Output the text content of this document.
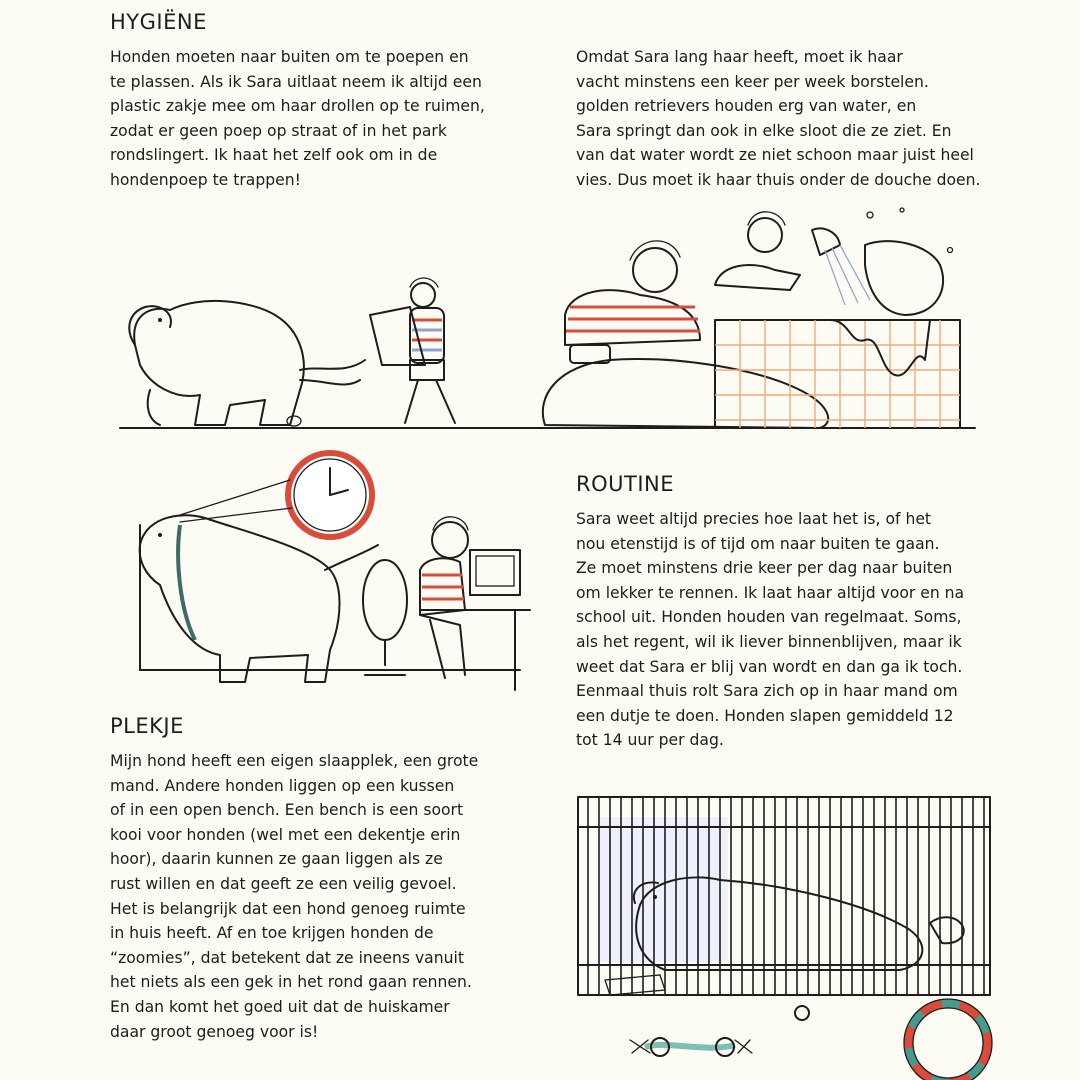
HYGIËNE

Honden moeten naar buiten om te poepen en
te plassen. Als ik Sara uitlaat neem ik altijd een
plastic zakje mee om haar drollen op te ruimen,
zodat er geen poep op straat of in het park
rondslingert. Ik haat het zelf ook om in de
hondenpoep te trappen!

Omdat Sara lang haar heeft, moet ik haar
vacht minstens een keer per week borstelen.
golden retrievers houden erg van water, en
Sara springt dan ook in elke sloot die ze ziet. En
van dat water wordt ze niet schoon maar juist heel
vies. Dus moet ik haar thuis onder de douche doen.

ROUTINE

Sara weet altijd precies hoe laat het is, of het
nou etenstijd is of tijd om naar buiten te gaan.
Ze moet minstens drie keer per dag naar buiten
om lekker te rennen. Ik laat haar altijd voor en na
school uit. Honden houden van regelmaat. Soms,
als het regent, wil ik liever binnenblijven, maar ik
weet dat Sara er blij van wordt en dan ga ik toch.
Eenmaal thuis rolt Sara zich op in haar mand om
een dutje te doen. Honden slapen gemiddeld 12
tot 14 uur per dag.

PLEKJE

Mijn hond heeft een eigen slaapplek, een grote
mand. Andere honden liggen op een kussen
of in een open bench. Een bench is een soort
kooi voor honden (wel met een dekentje erin
hoor), daarin kunnen ze gaan liggen als ze
rust willen en dat geeft ze een veilig gevoel.
Het is belangrijk dat een hond genoeg ruimte
in huis heeft. Af en toe krijgen honden de
“zoomies”, dat betekent dat ze ineens vanuit
het niets als een gek in het rond gaan rennen.
En dan komt het goed uit dat de huiskamer
daar groot genoeg voor is!
